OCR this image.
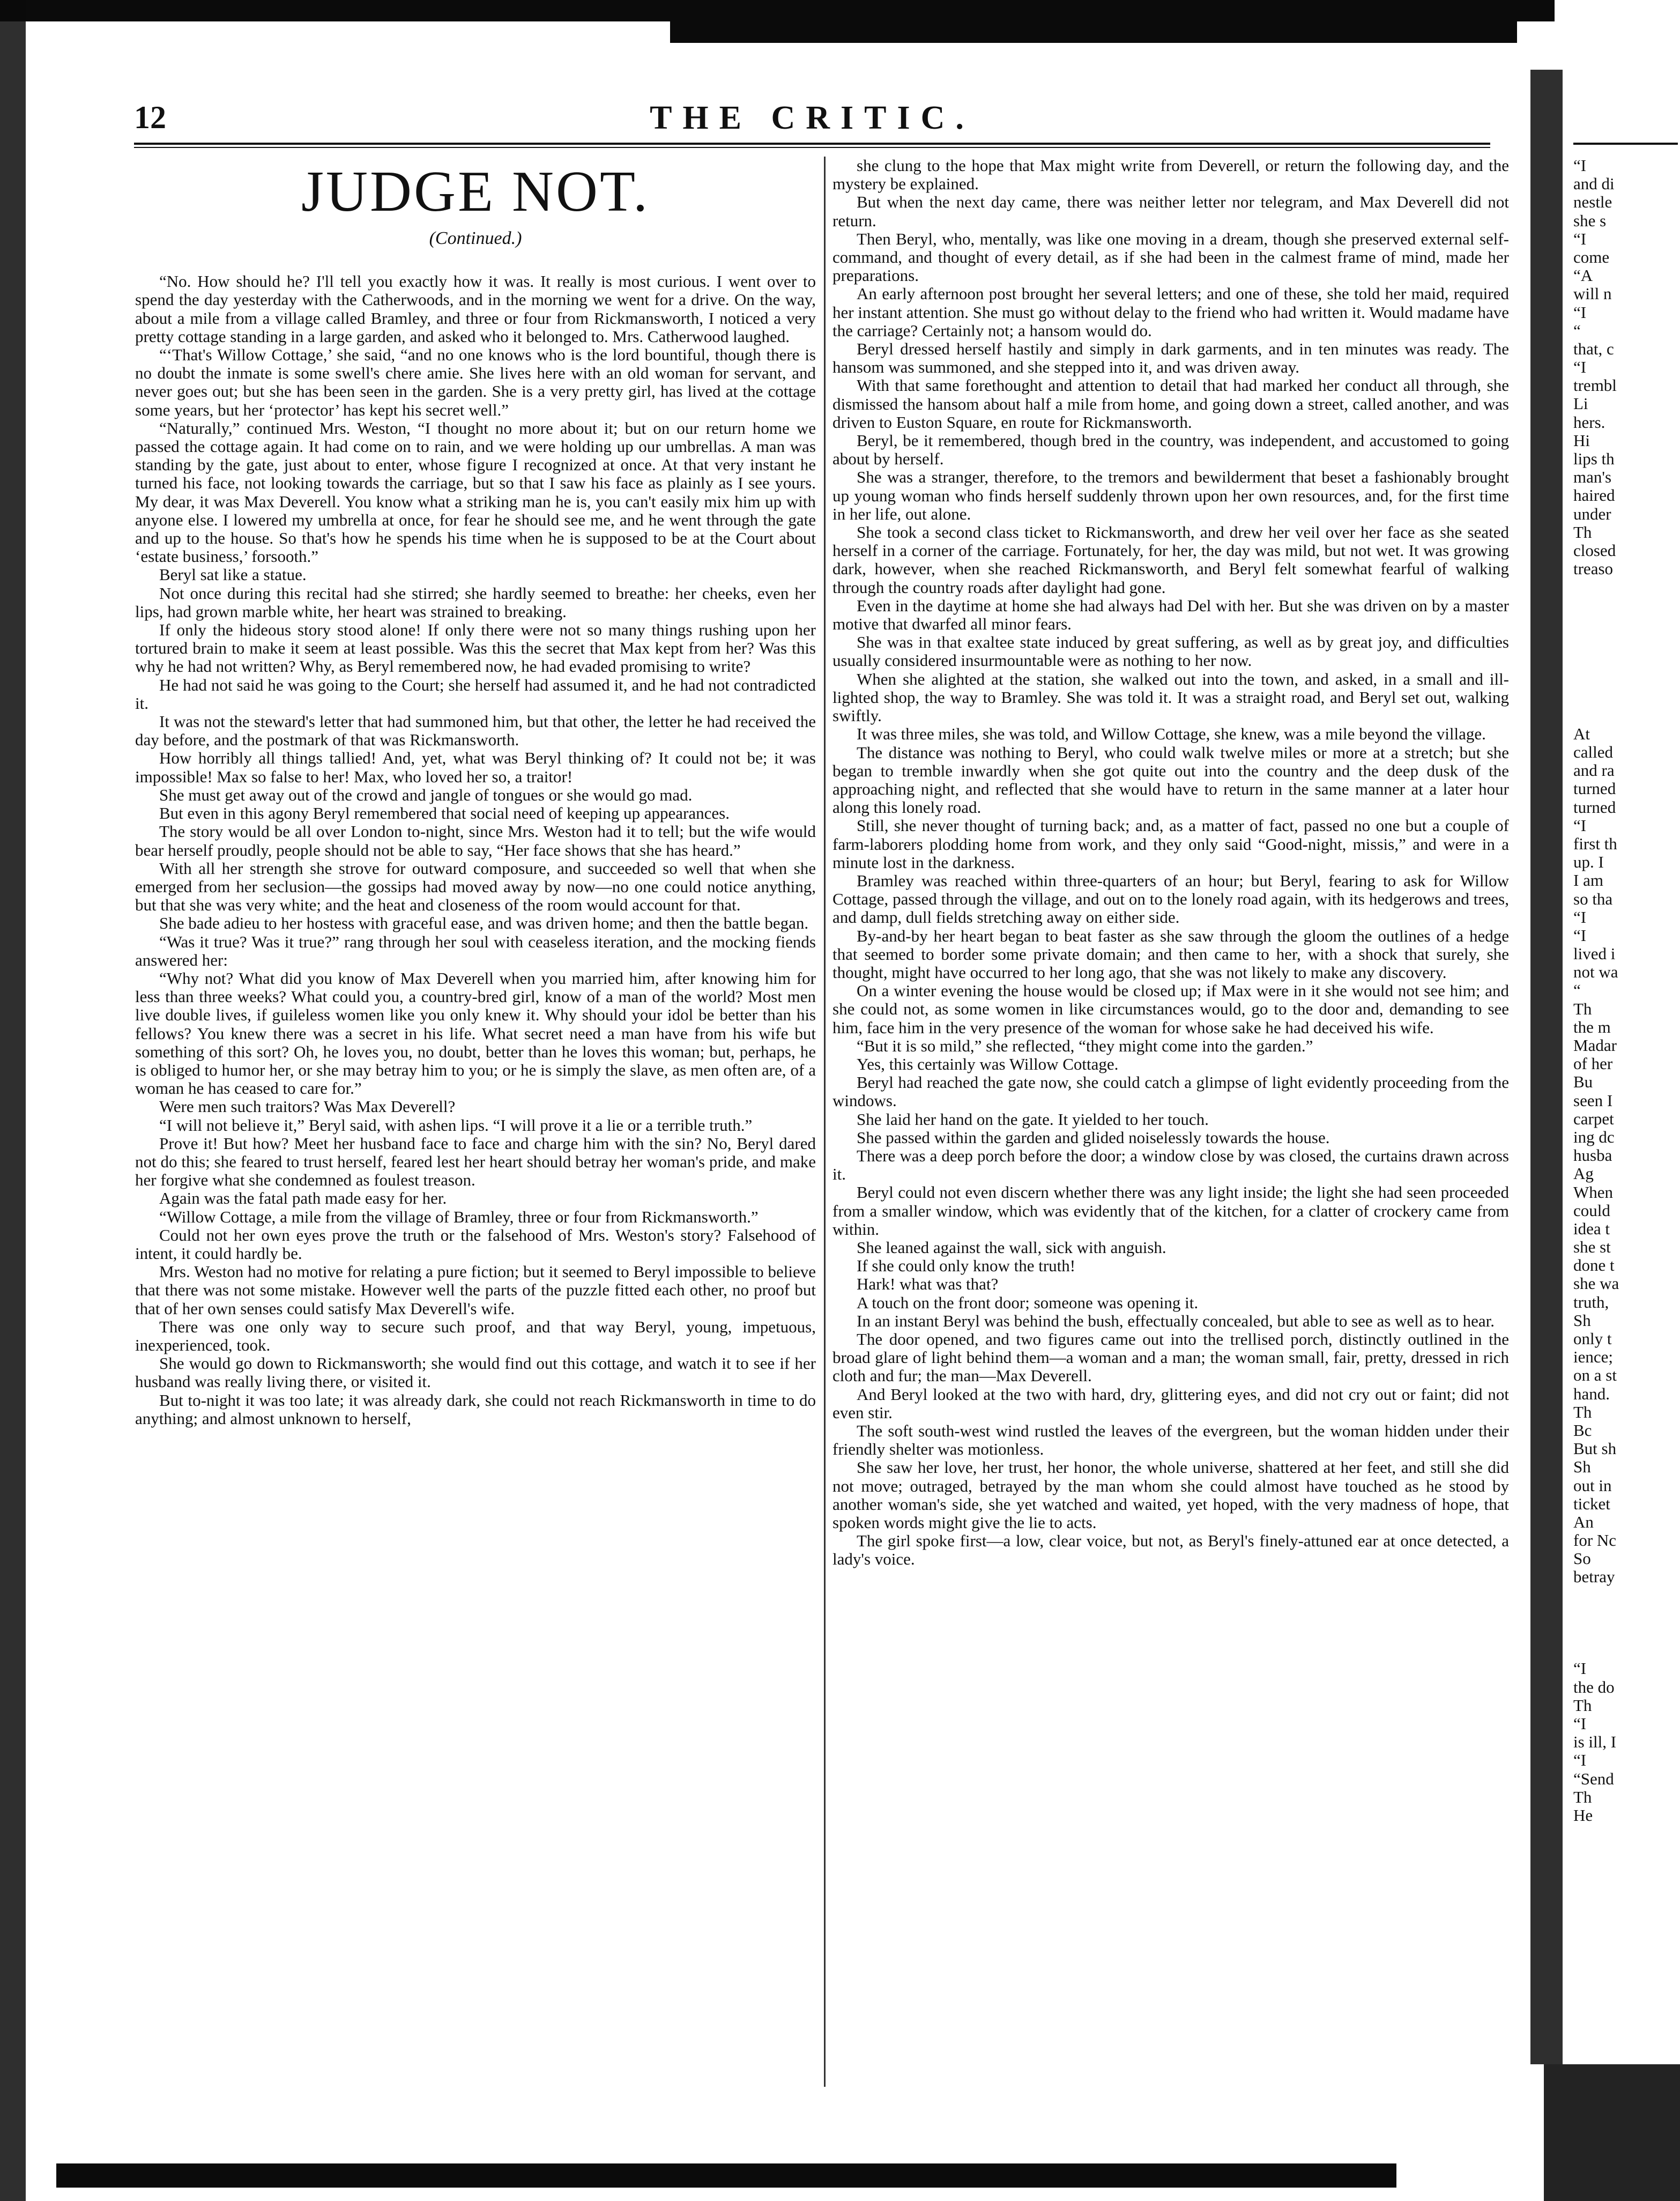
12	THE CRITIC.
JUDGE NOT.
(Continued.)

“No. How should he? I'll tell you exactly how it was. It really is most curious. I went over to spend the day yesterday with the Catherwoods, and in the morning we went for a drive. On the way, about a mile from a village called Bramley, and three or four from Rickmansworth, I noticed a very pretty cottage standing in a large garden, and asked who it belonged to. Mrs. Catherwood laughed.

“‘That's Willow Cottage,’ she said, “and no one knows who is the lord bountiful, though there is no doubt the inmate is some swell's chere amie. She lives here with an old woman for servant, and never goes out; but she has been seen in the garden. She is a very pretty girl, has lived at the cottage some years, but her ‘protector’ has kept his secret well.”

“Naturally,” continued Mrs. Weston, “I thought no more about it; but on our return home we passed the cottage again. It had come on to rain, and we were holding up our umbrellas. A man was standing by the gate, just about to enter, whose figure I recognized at once. At that very instant he turned his face, not looking towards the carriage, but so that I saw his face as plainly as I see yours. My dear, it was Max Deverell. You know what a striking man he is, you can't easily mix him up with anyone else. I lowered my umbrella at once, for fear he should see me, and he went through the gate and up to the house. So that's how he spends his time when he is supposed to be at the Court about ‘estate business,’ forsooth.”

Beryl sat like a statue.

Not once during this recital had she stirred; she hardly seemed to breathe: her cheeks, even her lips, had grown marble white, her heart was strained to breaking.

If only the hideous story stood alone! If only there were not so many things rushing upon her tortured brain to make it seem at least possible. Was this the secret that Max kept from her? Was this why he had not written? Why, as Beryl remembered now, he had evaded promising to write?

He had not said he was going to the Court; she herself had assumed it, and he had not contradicted it.

It was not the steward's letter that had summoned him, but that other, the letter he had received the day before, and the postmark of that was Rickmansworth.

How horribly all things tallied! And, yet, what was Beryl thinking of? It could not be; it was impossible! Max so false to her! Max, who loved her so, a traitor!

She must get away out of the crowd and jangle of tongues or she would go mad.

But even in this agony Beryl remembered that social need of keeping up appearances.

The story would be all over London to-night, since Mrs. Weston had it to tell; but the wife would bear herself proudly, people should not be able to say, “Her face shows that she has heard.”

With all her strength she strove for outward composure, and succeeded so well that when she emerged from her seclusion—the gossips had moved away by now—no one could notice anything, but that she was very white; and the heat and closeness of the room would account for that.

She bade adieu to her hostess with graceful ease, and was driven home; and then the battle began.

“Was it true? Was it true?” rang through her soul with ceaseless iteration, and the mocking fiends answered her:

“Why not? What did you know of Max Deverell when you married him, after knowing him for less than three weeks? What could you, a country-bred girl, know of a man of the world? Most men live double lives, if guileless women like you only knew it. Why should your idol be better than his fellows? You knew there was a secret in his life. What secret need a man have from his wife but something of this sort? Oh, he loves you, no doubt, better than he loves this woman; but, perhaps, he is obliged to humor her, or she may betray him to you; or he is simply the slave, as men often are, of a woman he has ceased to care for.”

Were men such traitors? Was Max Deverell?

“I will not believe it,” Beryl said, with ashen lips. “I will prove it a lie or a terrible truth.”

Prove it! But how? Meet her husband face to face and charge him with the sin? No, Beryl dared not do this; she feared to trust herself, feared lest her heart should betray her woman's pride, and make her forgive what she condemned as foulest treason.

Again was the fatal path made easy for her.

“Willow Cottage, a mile from the village of Bramley, three or four from Rickmansworth.”

Could not her own eyes prove the truth or the falsehood of Mrs. Weston's story? Falsehood of intent, it could hardly be.

Mrs. Weston had no motive for relating a pure fiction; but it seemed to Beryl impossible to believe that there was not some mistake. However well the parts of the puzzle fitted each other, no proof but that of her own senses could satisfy Max Deverell's wife.

There was one only way to secure such proof, and that way Beryl, young, impetuous, inexperienced, took.

She would go down to Rickmansworth; she would find out this cottage, and watch it to see if her husband was really living there, or visited it.

But to-night it was too late; it was already dark, she could not reach Rickmansworth in time to do anything; and almost unknown to herself,

she clung to the hope that Max might write from Deverell, or return the following day, and the mystery be explained.

But when the next day came, there was neither letter nor telegram, and Max Deverell did not return.

Then Beryl, who, mentally, was like one moving in a dream, though she preserved external self-command, and thought of every detail, as if she had been in the calmest frame of mind, made her preparations.

An early afternoon post brought her several letters; and one of these, she told her maid, required her instant attention. She must go without delay to the friend who had written it. Would madame have the carriage? Certainly not; a hansom would do.

Beryl dressed herself hastily and simply in dark garments, and in ten minutes was ready. The hansom was summoned, and she stepped into it, and was driven away.

With that same forethought and attention to detail that had marked her conduct all through, she dismissed the hansom about half a mile from home, and going down a street, called another, and was driven to Euston Square, en route for Rickmansworth.

Beryl, be it remembered, though bred in the country, was independent, and accustomed to going about by herself.

She was a stranger, therefore, to the tremors and bewilderment that beset a fashionably brought up young woman who finds herself suddenly thrown upon her own resources, and, for the first time in her life, out alone.

She took a second class ticket to Rickmansworth, and drew her veil over her face as she seated herself in a corner of the carriage. Fortunately, for her, the day was mild, but not wet. It was growing dark, however, when she reached Rickmansworth, and Beryl felt somewhat fearful of walking through the country roads after daylight had gone.

Even in the daytime at home she had always had Del with her. But she was driven on by a master motive that dwarfed all minor fears.

She was in that exaltee state induced by great suffering, as well as by great joy, and difficulties usually considered insurmountable were as nothing to her now.

When she alighted at the station, she walked out into the town, and asked, in a small and ill-lighted shop, the way to Bramley. She was told it. It was a straight road, and Beryl set out, walking swiftly.

It was three miles, she was told, and Willow Cottage, she knew, was a mile beyond the village.

The distance was nothing to Beryl, who could walk twelve miles or more at a stretch; but she began to tremble inwardly when she got quite out into the country and the deep dusk of the approaching night, and reflected that she would have to return in the same manner at a later hour along this lonely road.

Still, she never thought of turning back; and, as a matter of fact, passed no one but a couple of farm-laborers plodding home from work, and they only said “Good-night, missis,” and were in a minute lost in the darkness.

Bramley was reached within three-quarters of an hour; but Beryl, fearing to ask for Willow Cottage, passed through the village, and out on to the lonely road again, with its hedgerows and trees, and damp, dull fields stretching away on either side.

By-and-by her heart began to beat faster as she saw through the gloom the outlines of a hedge that seemed to border some private domain; and then came to her, with a shock that surely, she thought, might have occurred to her long ago, that she was not likely to make any discovery.

On a winter evening the house would be closed up; if Max were in it she would not see him; and she could not, as some women in like circumstances would, go to the door and, demanding to see him, face him in the very presence of the woman for whose sake he had deceived his wife.

“But it is so mild,” she reflected, “they might come into the garden.”

Yes, this certainly was Willow Cottage.

Beryl had reached the gate now, she could catch a glimpse of light evidently proceeding from the windows.

She laid her hand on the gate. It yielded to her touch.

She passed within the garden and glided noiselessly towards the house.

There was a deep porch before the door; a window close by was closed, the curtains drawn across it.

Beryl could not even discern whether there was any light inside; the light she had seen proceeded from a smaller window, which was evidently that of the kitchen, for a clatter of crockery came from within.

She leaned against the wall, sick with anguish.

If she could only know the truth!

Hark! what was that?

A touch on the front door; someone was opening it.

In an instant Beryl was behind the bush, effectually concealed, but able to see as well as to hear.

The door opened, and two figures came out into the trellised porch, distinctly outlined in the broad glare of light behind them—a woman and a man; the woman small, fair, pretty, dressed in rich cloth and fur; the man—Max Deverell.

And Beryl looked at the two with hard, dry, glittering eyes, and did not cry out or faint; did not even stir.

The soft south-west wind rustled the leaves of the evergreen, but the woman hidden under their friendly shelter was motionless.

She saw her love, her trust, her honor, the whole universe, shattered at her feet, and still she did not move; outraged, betrayed by the man whom she could almost have touched as he stood by another woman's side, she yet watched and waited, yet hoped, with the very madness of hope, that spoken words might give the lie to acts.

The girl spoke first—a low, clear voice, but not, as Beryl's finely-attuned ear at once detected, a lady's voice.

“I
and di
nestle
she s
“I
come
“A
will n
“I
“
that, c
“I
trembl
Li
hers.
Hi
lips th
man's
haired
under
Th
closed
treaso
At
called
and ra
turned
turned
“I
first th
up. I
I am
so tha
“I
“I
lived i
not wa
“
Th
the m
Madar
of her
Bu
seen I
carpet
ing dc
husba
Ag
When
could
idea t
she st
done t
she wa
truth,
Sh
only t
ience;
on a st
hand.
Th
Bc
But sh
Sh
out in
ticket
An
for Nc
So
betray
“I
the do
Th
“I
is ill, I
“I
“Send
Th
He
